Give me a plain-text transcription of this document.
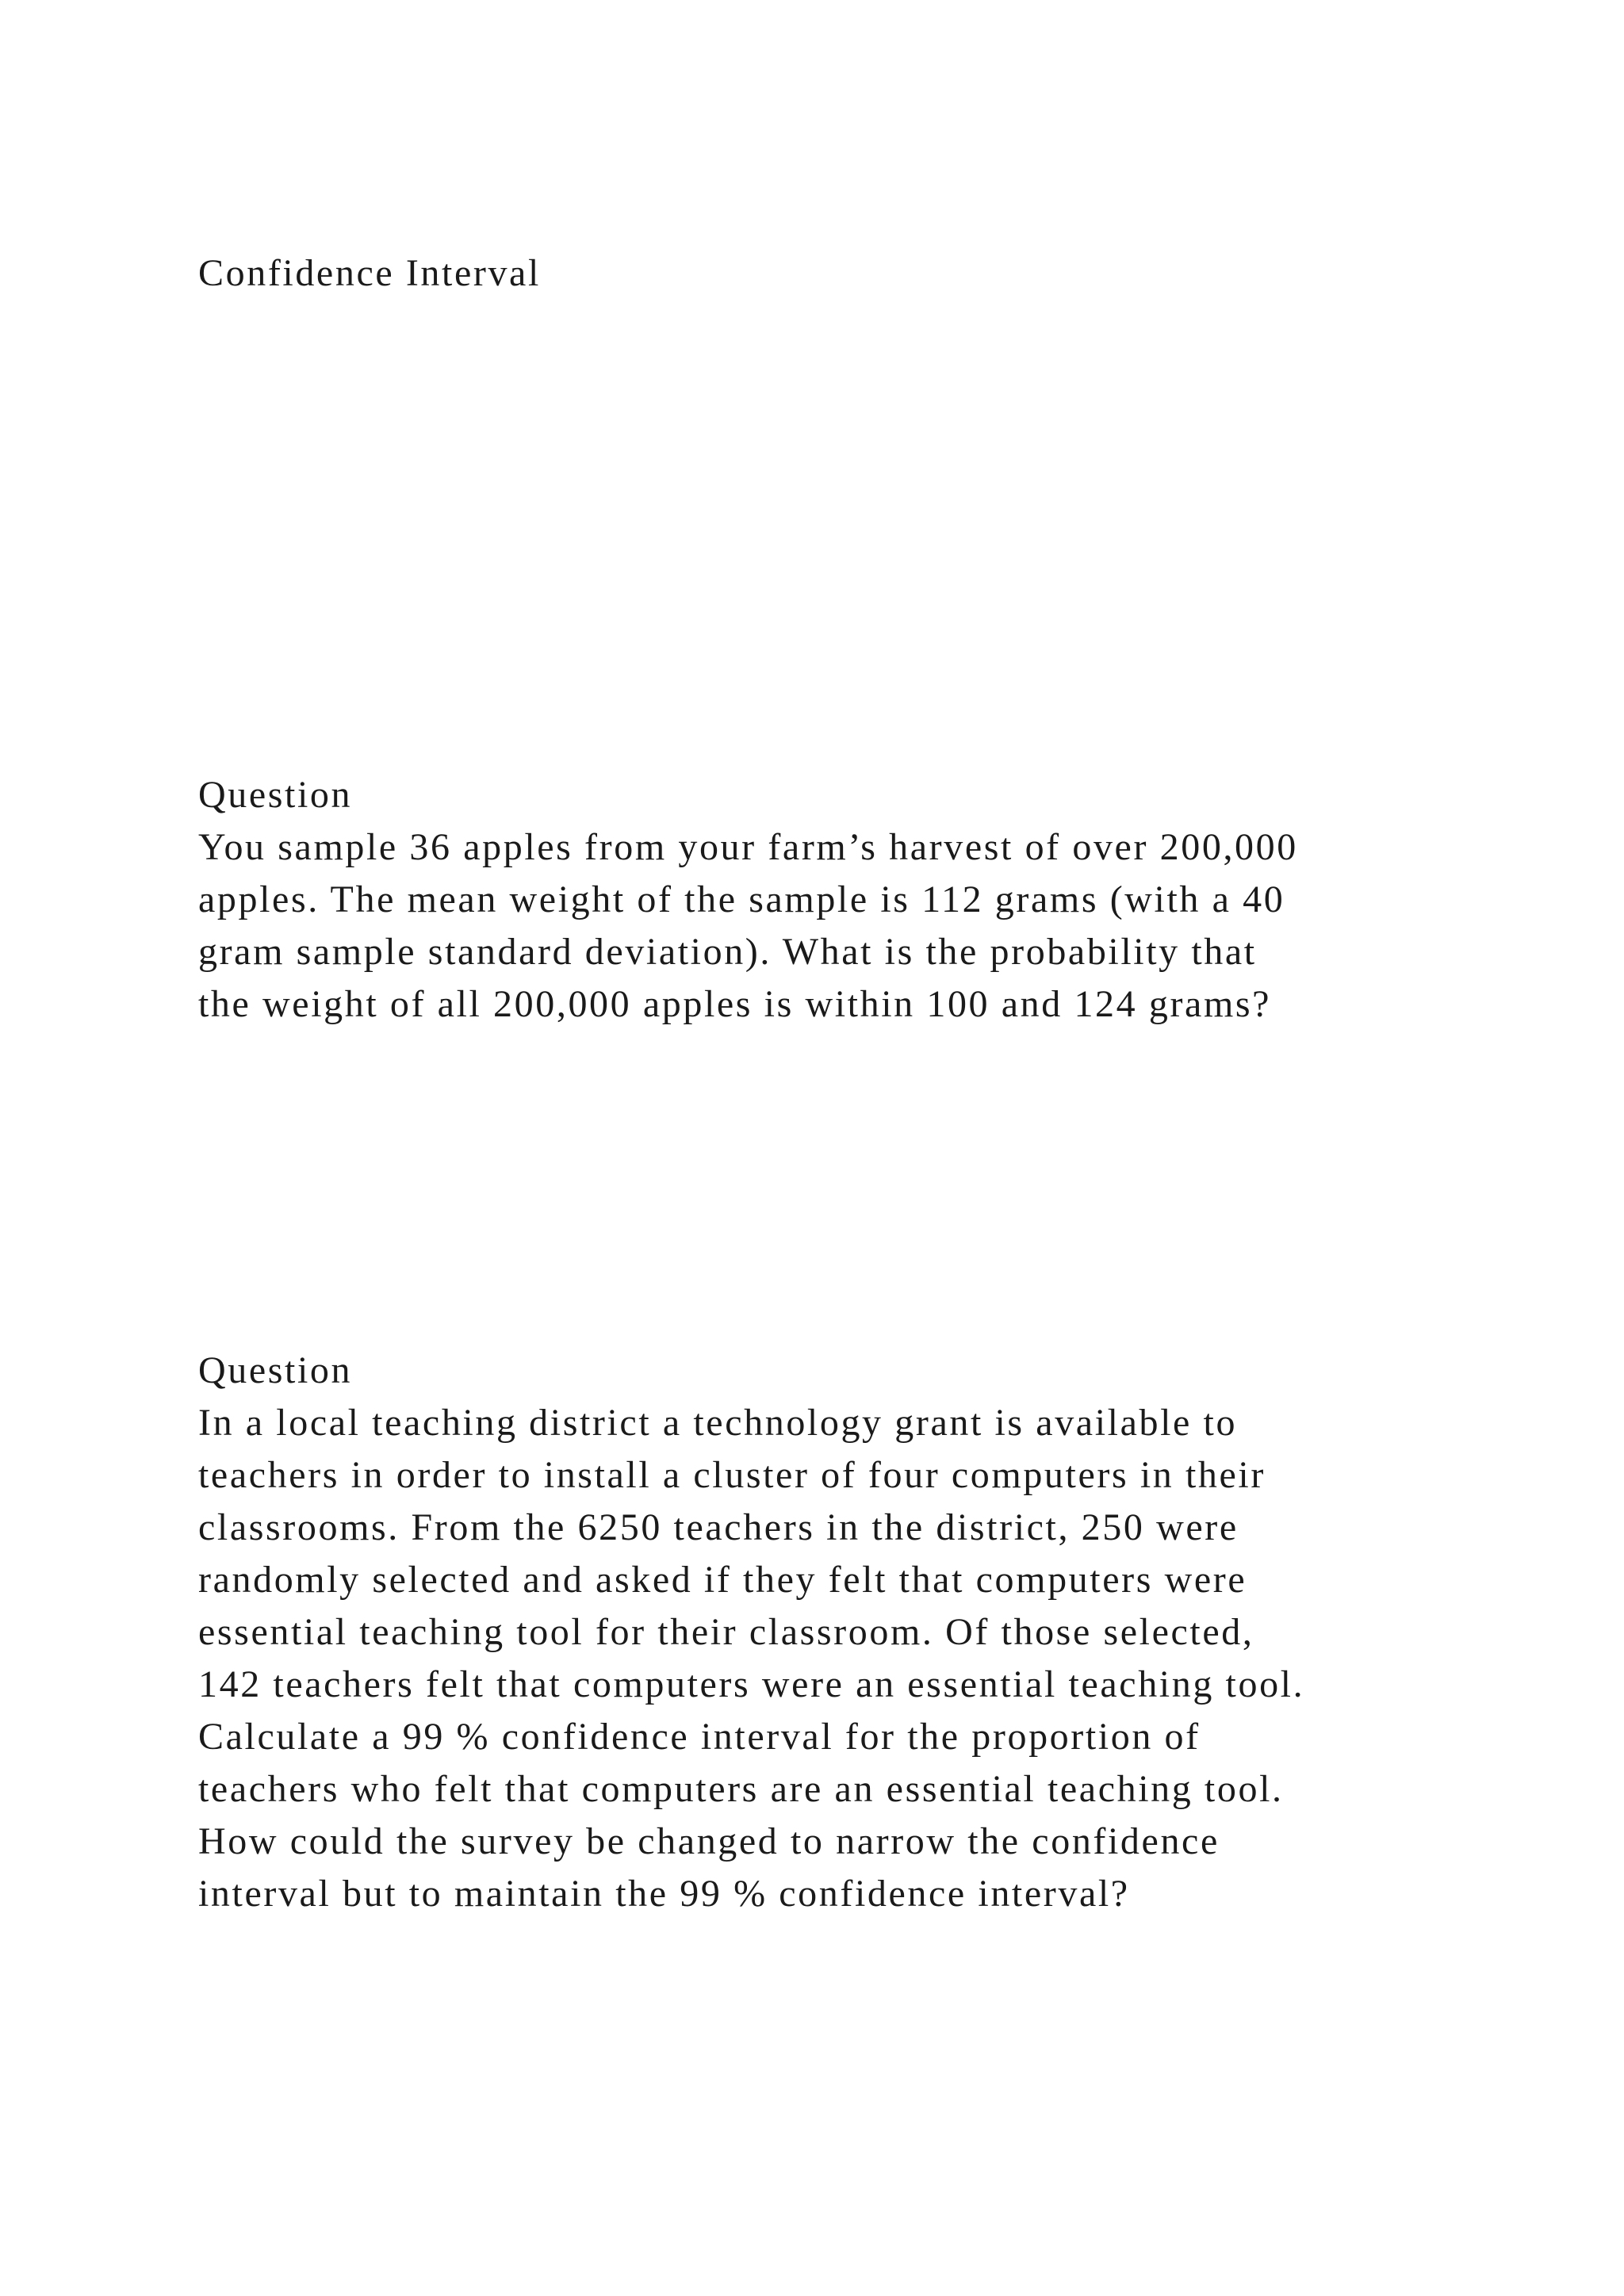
Confidence Interval
Question
You sample 36 apples from your farm’s harvest of over 200,000
apples. The mean weight of the sample is 112 grams (with a 40
gram sample standard deviation). What is the probability that
the weight of all 200,000 apples is within 100 and 124 grams?
Question
In a local teaching district a technology grant is available to
teachers in order to install a cluster of four computers in their
classrooms. From the 6250 teachers in the district, 250 were
randomly selected and asked if they felt that computers were
essential teaching tool for their classroom. Of those selected,
142 teachers felt that computers were an essential teaching tool.
Calculate a 99 % confidence interval for the proportion of
teachers who felt that computers are an essential teaching tool.
How could the survey be changed to narrow the confidence
interval but to maintain the 99 % confidence interval?
